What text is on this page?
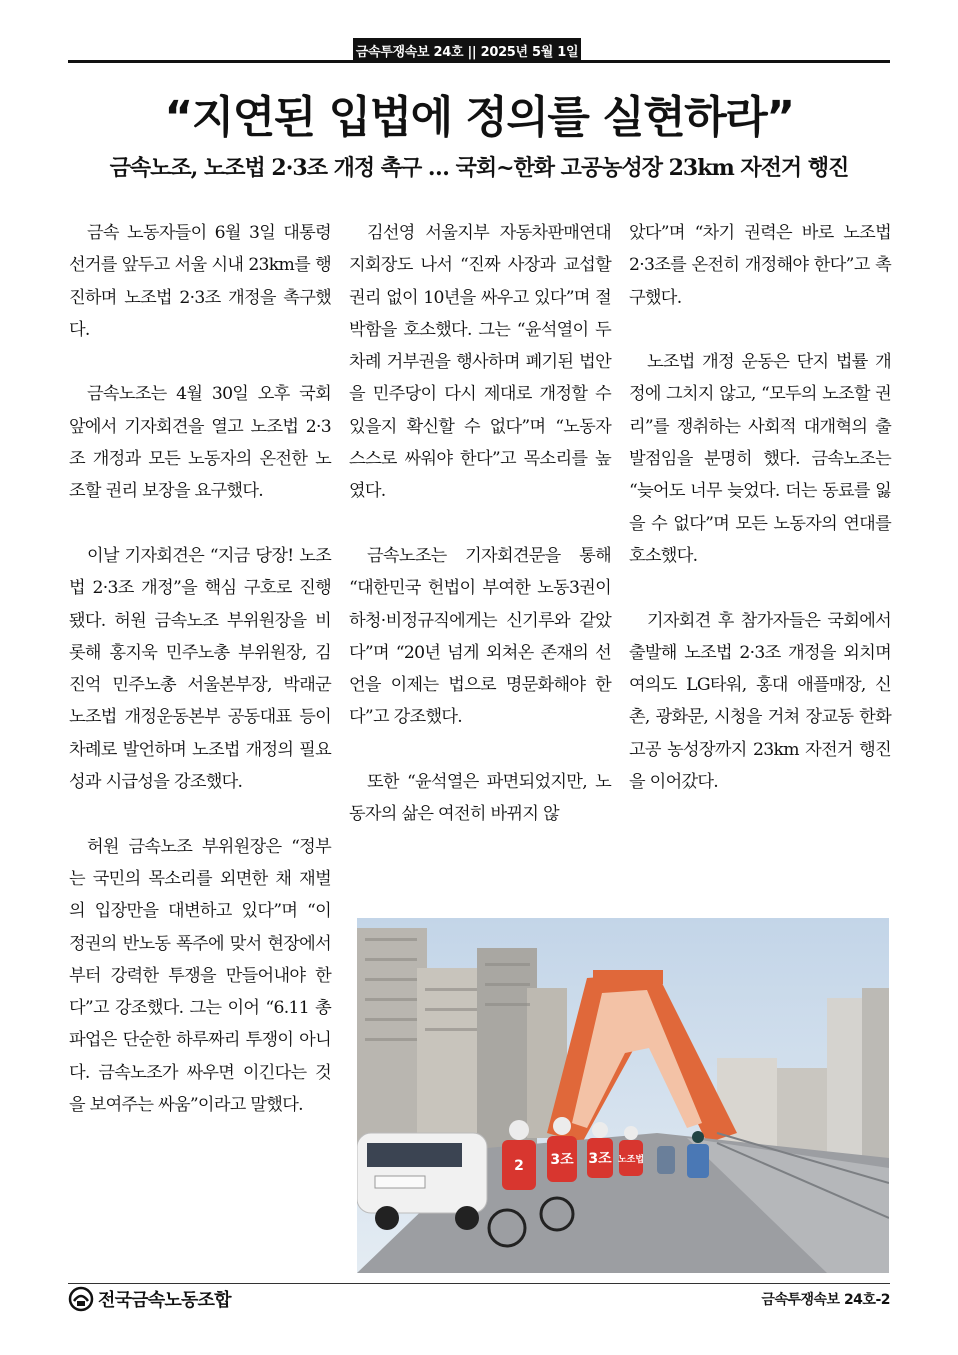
금속투쟁속보 24호 || 2025년 5월 1일
“지연된 입법에 정의를 실현하라”
금속노조, 노조법 2·3조 개정 촉구 … 국회~한화 고공농성장 23km 자전거 행진

금속 노동자들이 6월 3일 대통령 선거를 앞두고 서울 시내 23km를 행진하며 노조법 2·3조 개정을 촉구했다.

금속노조는 4월 30일 오후 국회 앞에서 기자회견을 열고 노조법 2·3조 개정과 모든 노동자의 온전한 노조할 권리 보장을 요구했다.

이날 기자회견은 “지금 당장! 노조법 2·3조 개정”을 핵심 구호로 진행됐다. 허원 금속노조 부위원장을 비롯해 홍지욱 민주노총 부위원장, 김진억 민주노총 서울본부장, 박래군 노조법 개정운동본부 공동대표 등이 차례로 발언하며 노조법 개정의 필요성과 시급성을 강조했다.

허원 금속노조 부위원장은 “정부는 국민의 목소리를 외면한 채 재벌의 입장만을 대변하고 있다”며 “이 정권의 반노동 폭주에 맞서 현장에서부터 강력한 투쟁을 만들어내야 한다”고 강조했다. 그는 이어 “6.11 총파업은 단순한 하루짜리 투쟁이 아니다. 금속노조가 싸우면 이긴다는 것을 보여주는 싸움”이라고 말했다.

김선영 서울지부 자동차판매연대지회장도 나서 “진짜 사장과 교섭할 권리 없이 10년을 싸우고 있다”며 절박함을 호소했다. 그는 “윤석열이 두 차례 거부권을 행사하며 폐기된 법안을 민주당이 다시 제대로 개정할 수 있을지 확신할 수 없다”며 “노동자 스스로 싸워야 한다”고 목소리를 높였다.

금속노조는 기자회견문을 통해 “대한민국 헌법이 부여한 노동3권이 하청·비정규직에게는 신기루와 같았다”며 “20년 넘게 외쳐온 존재의 선언을 이제는 법으로 명문화해야 한다”고 강조했다.

또한 “윤석열은 파면되었지만, 노동자의 삶은 여전히 바뀌지 않

았다”며 “차기 권력은 바로 노조법 2·3조를 온전히 개정해야 한다”고 촉구했다.

노조법 개정 운동은 단지 법률 개정에 그치지 않고, “모두의 노조할 권리”를 쟁취하는 사회적 대개혁의 출발점임을 분명히 했다. 금속노조는 “늦어도 너무 늦었다. 더는 동료를 잃을 수 없다”며 모든 노동자의 연대를 호소했다.

기자회견 후 참가자들은 국회에서 출발해 노조법 2·3조 개정을 외치며 여의도 LG타워, 홍대 애플매장, 신촌, 광화문, 시청을 거쳐 장교동 한화 고공 농성장까지 23km 자전거 행진을 이어갔다.

2 3조 3조 노조법
전국금속노동조합	금속투쟁속보 24호-2
